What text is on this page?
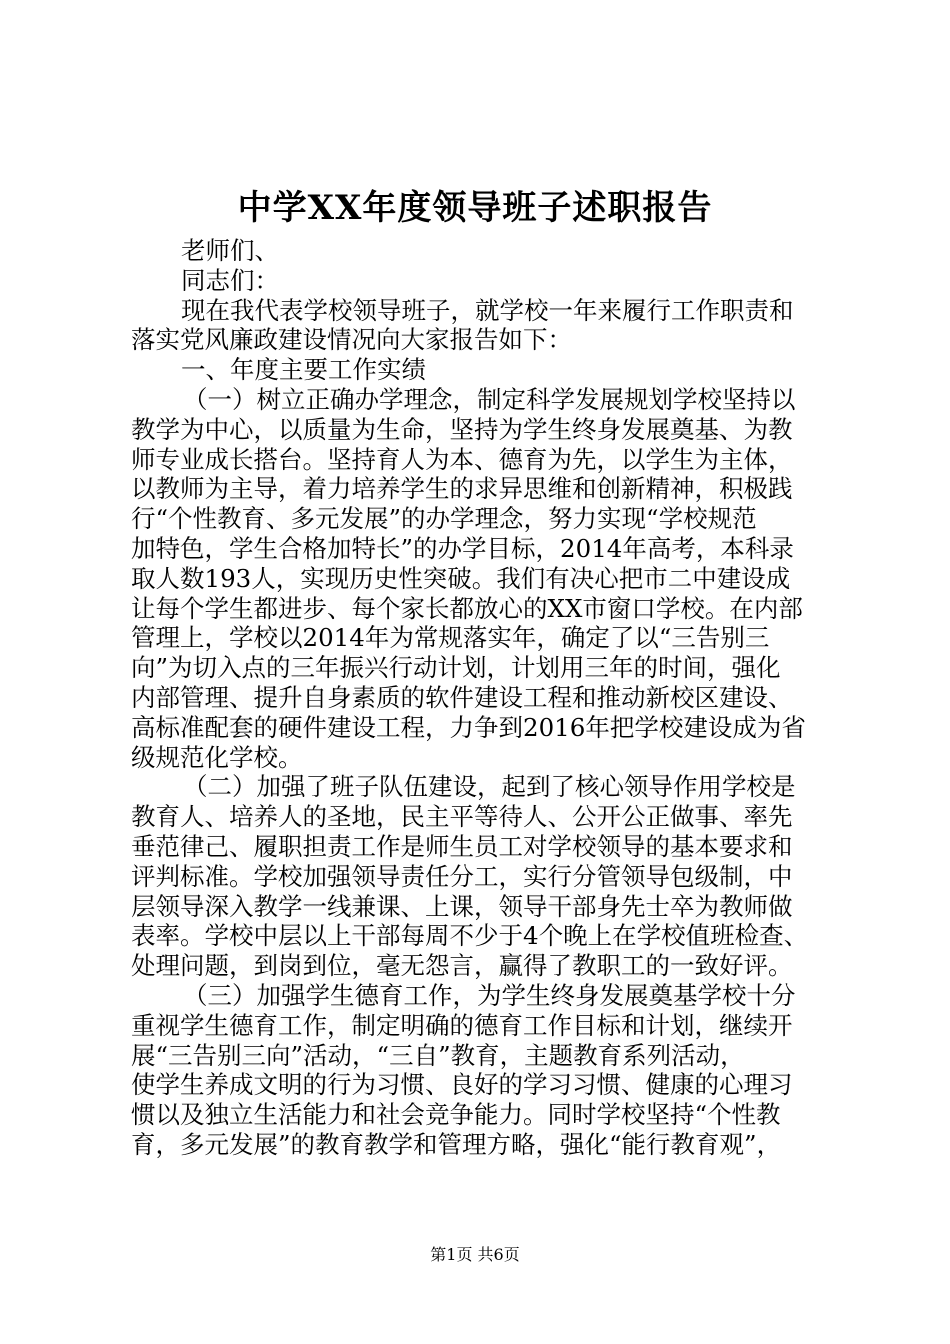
中学XX年度领导班子述职报告
老师们、
同志们：
现在我代表学校领导班子，就学校一年来履行工作职责和
落实党风廉政建设情况向大家报告如下：
一、年度主要工作实绩
（一）树立正确办学理念，制定科学发展规划学校坚持以
教学为中心，以质量为生命，坚持为学生终身发展奠基、为教
师专业成长搭台。坚持育人为本、德育为先，以学生为主体，
以教师为主导，着力培养学生的求异思维和创新精神，积极践
行“个性教育、多元发展”的办学理念，努力实现“学校规范
加特色，学生合格加特长”的办学目标，2014年高考，本科录
取人数193人，实现历史性突破。我们有决心把市二中建设成
让每个学生都进步、每个家长都放心的XX市窗口学校。在内部
管理上，学校以2014年为常规落实年，确定了以“三告别三
向”为切入点的三年振兴行动计划，计划用三年的时间，强化
内部管理、提升自身素质的软件建设工程和推动新校区建设、
高标准配套的硬件建设工程，力争到2016年把学校建设成为省
级规范化学校。
（二）加强了班子队伍建设，起到了核心领导作用学校是
教育人、培养人的圣地，民主平等待人、公开公正做事、率先
垂范律己、履职担责工作是师生员工对学校领导的基本要求和
评判标准。学校加强领导责任分工，实行分管领导包级制，中
层领导深入教学一线兼课、上课，领导干部身先士卒为教师做
表率。学校中层以上干部每周不少于4个晚上在学校值班检查、
处理问题，到岗到位，毫无怨言，赢得了教职工的一致好评。
（三）加强学生德育工作，为学生终身发展奠基学校十分
重视学生德育工作，制定明确的德育工作目标和计划，继续开
展“三告别三向”活动，“三自”教育，主题教育系列活动，
使学生养成文明的行为习惯、良好的学习习惯、健康的心理习
惯以及独立生活能力和社会竞争能力。同时学校坚持“个性教
育，多元发展”的教育教学和管理方略，强化“能行教育观”，
第1页 共6页
